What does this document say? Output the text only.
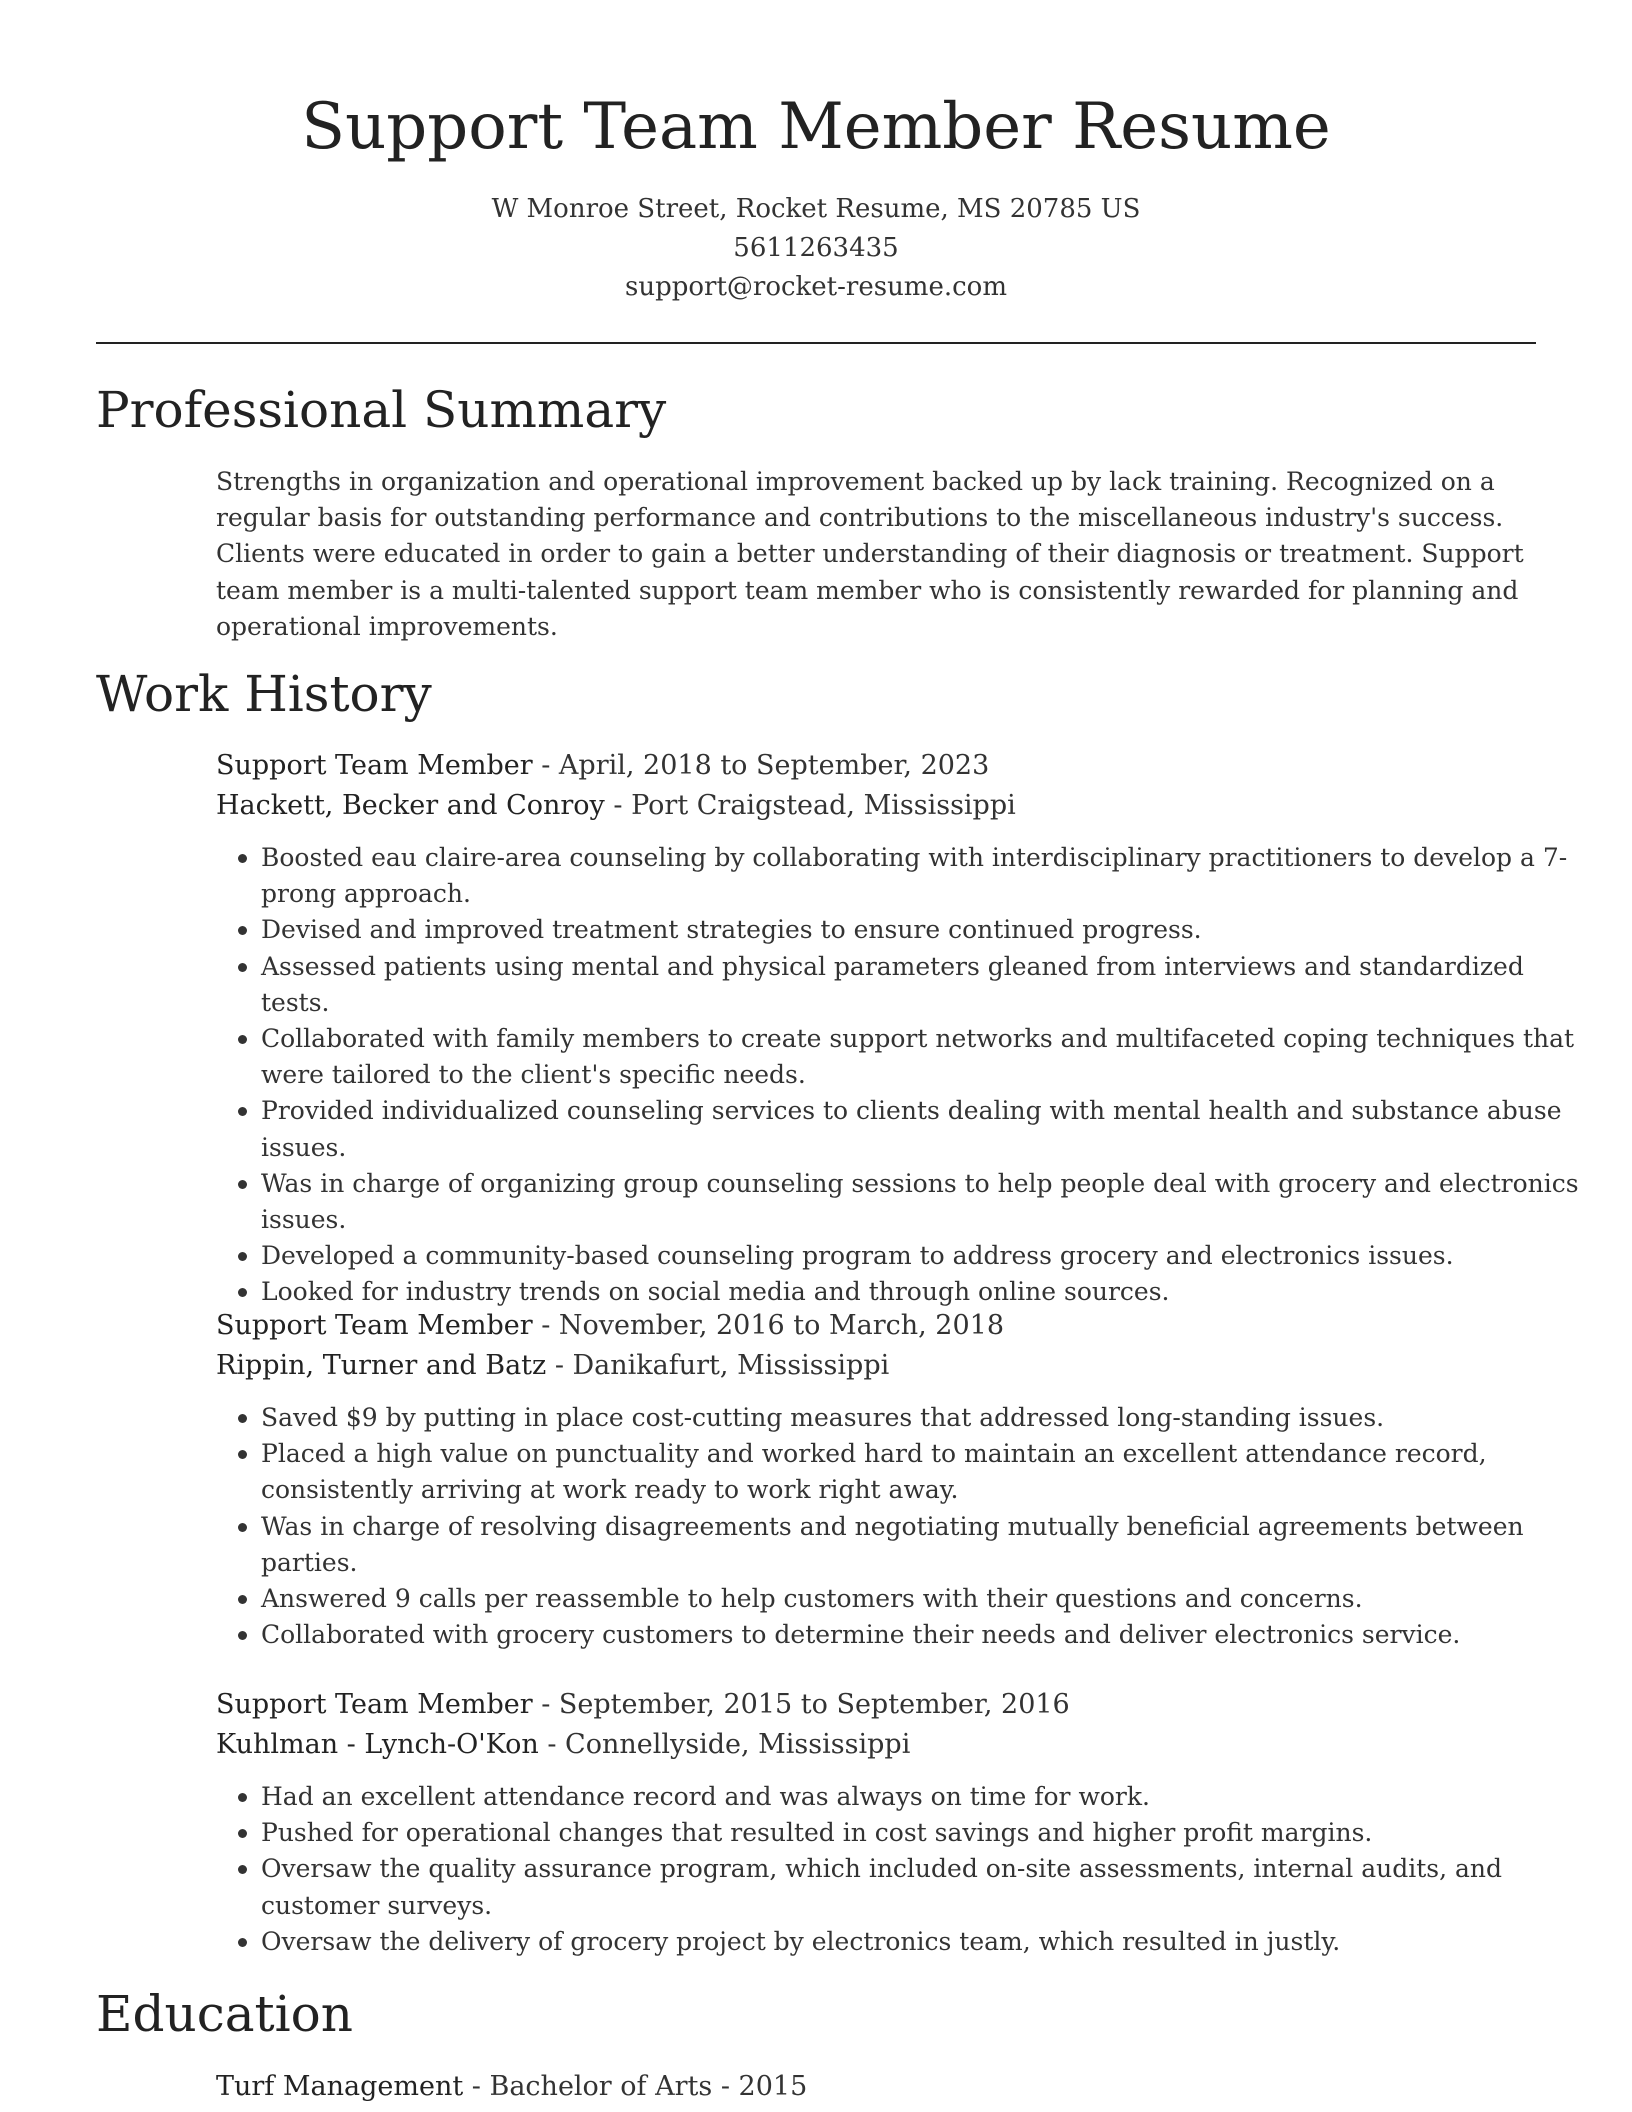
Support Team Member Resume
W Monroe Street, Rocket Resume, MS 20785 US
5611263435
support@rocket-resume.com
Professional Summary

Strengths in organization and operational improvement backed up by lack training. Recognized on a regular basis for outstanding performance and contributions to the miscellaneous industry's success. Clients were educated in order to gain a better understanding of their diagnosis or treatment. Support team member is a multi-talented support team member who is consistently rewarded for planning and operational improvements.

Work History
Support Team Member - April, 2018 to September, 2023
Hackett, Becker and Conroy - Port Craigstead, Mississippi
Boosted eau claire-area counseling by collaborating with interdisciplinary practitioners to develop a 7-prong approach.
Devised and improved treatment strategies to ensure continued progress.
Assessed patients using mental and physical parameters gleaned from interviews and standardized tests.
Collaborated with family members to create support networks and multifaceted coping techniques that were tailored to the client's specific needs.
Provided individualized counseling services to clients dealing with mental health and substance abuse issues.
Was in charge of organizing group counseling sessions to help people deal with grocery and electronics issues.
Developed a community-based counseling program to address grocery and electronics issues.
Looked for industry trends on social media and through online sources.
Support Team Member - November, 2016 to March, 2018
Rippin, Turner and Batz - Danikafurt, Mississippi
Saved $9 by putting in place cost-cutting measures that addressed long-standing issues.
Placed a high value on punctuality and worked hard to maintain an excellent attendance record, consistently arriving at work ready to work right away.
Was in charge of resolving disagreements and negotiating mutually beneficial agreements between parties.
Answered 9 calls per reassemble to help customers with their questions and concerns.
Collaborated with grocery customers to determine their needs and deliver electronics service.
Support Team Member - September, 2015 to September, 2016
Kuhlman - Lynch-O'Kon - Connellyside, Mississippi
Had an excellent attendance record and was always on time for work.
Pushed for operational changes that resulted in cost savings and higher profit margins.
Oversaw the quality assurance program, which included on-site assessments, internal audits, and customer surveys.
Oversaw the delivery of grocery project by electronics team, which resulted in justly.
Education
Turf Management - Bachelor of Arts - 2015
